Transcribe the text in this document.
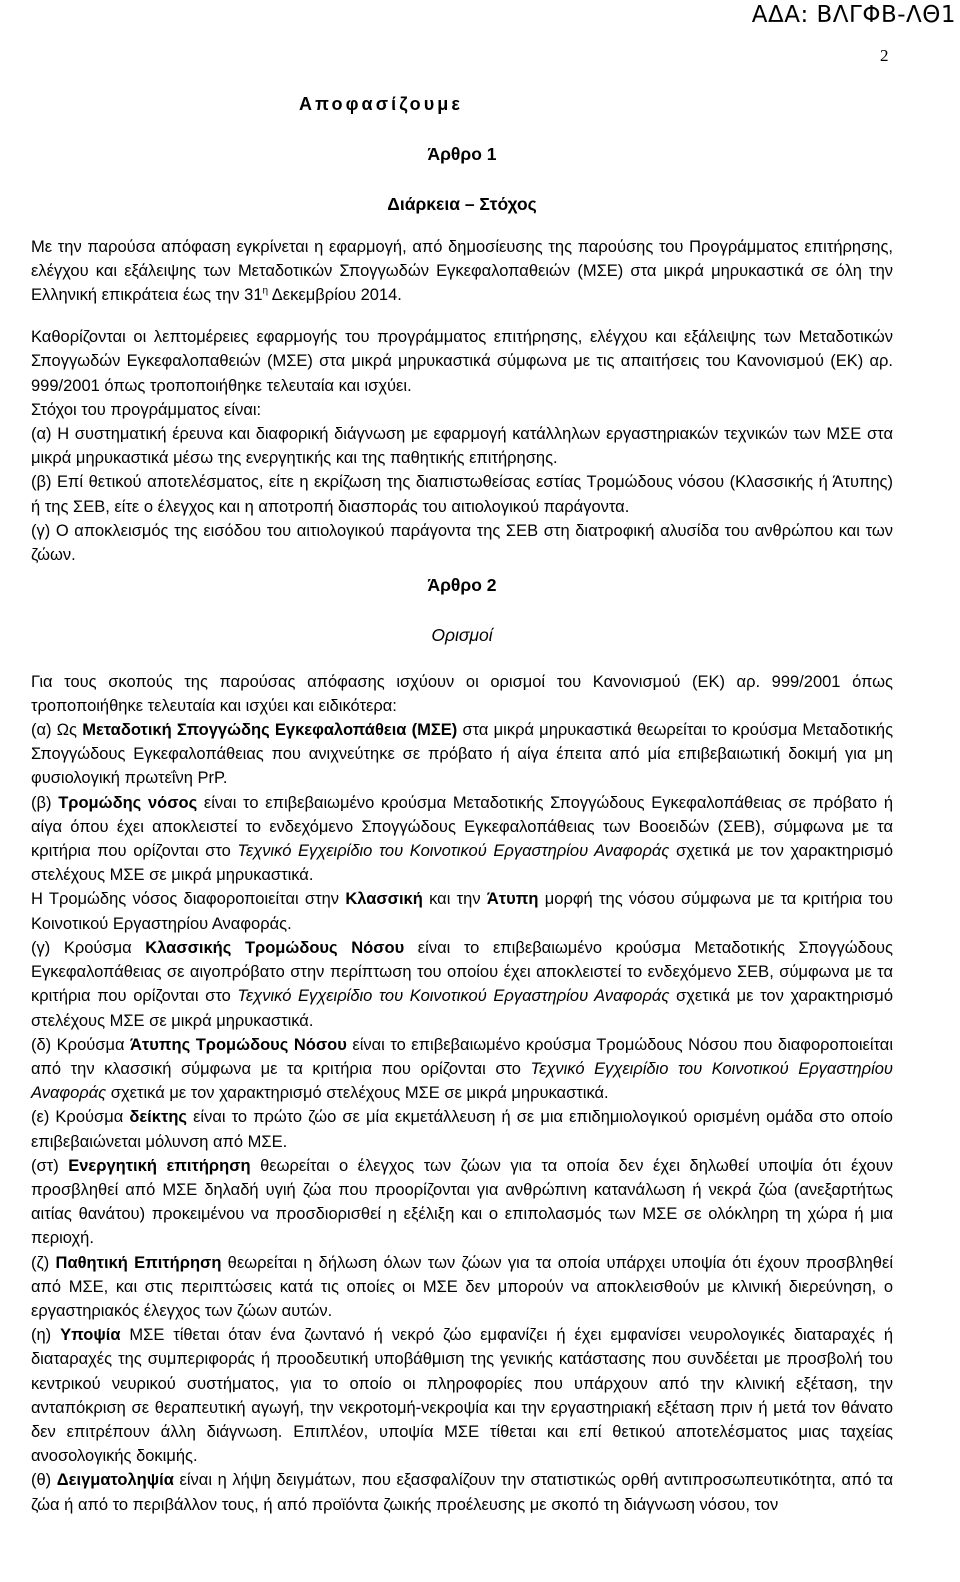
ΑΔΑ: ΒΛΓΦΒ-ΛΘ1
2

Αποφασίζουμε

Άρθρο 1

Διάρκεια – Στόχος

Με την παρούσα απόφαση εγκρίνεται η εφαρμογή, από δημοσίευσης της παρούσης του Προγράμματος επιτήρησης, ελέγχου και εξάλειψης των Μεταδοτικών Σπογγωδών Εγκεφαλοπαθειών (ΜΣΕ) στα μικρά μηρυκαστικά σε όλη την Ελληνική επικράτεια έως την $31^\eta$ Δεκεμβρίου 2014.

Καθορίζονται οι λεπτομέρειες εφαρμογής του προγράμματος επιτήρησης, ελέγχου και εξάλειψης των Μεταδοτικών Σπογγωδών Εγκεφαλοπαθειών (ΜΣΕ) στα μικρά μηρυκαστικά σύμφωνα με τις απαιτήσεις του Κανονισμού (ΕΚ) αρ. 999/2001 όπως τροποποιήθηκε τελευταία και ισχύει.

Στόχοι του προγράμματος είναι:

(α) Η συστηματική έρευνα και διαφορική διάγνωση με εφαρμογή κατάλληλων εργαστηριακών τεχνικών των ΜΣΕ στα μικρά μηρυκαστικά μέσω της ενεργητικής και της παθητικής επιτήρησης.

(β) Επί θετικού αποτελέσματος, είτε η εκρίζωση της διαπιστωθείσας εστίας Τρομώδους νόσου (Κλασσικής ή Άτυπης) ή της ΣΕΒ, είτε ο έλεγχος και η αποτροπή διασποράς του αιτιολογικού παράγοντα.

(γ) Ο αποκλεισμός της εισόδου του αιτιολογικού παράγοντα της ΣΕΒ στη διατροφική αλυσίδα του ανθρώπου και των ζώων.

Άρθρο 2

Ορισμοί

Για τους σκοπούς της παρούσας απόφασης ισχύουν οι ορισμοί του Κανονισμού (ΕΚ) αρ. 999/2001 όπως τροποποιήθηκε τελευταία και ισχύει και ειδικότερα:

(α) Ως Μεταδοτική Σπογγώδης Εγκεφαλοπάθεια (ΜΣΕ) στα μικρά μηρυκαστικά θεωρείται το κρούσμα Μεταδοτικής Σπογγώδους Εγκεφαλοπάθειας που ανιχνεύτηκε σε πρόβατο ή αίγα έπειτα από μία επιβεβαιωτική δοκιμή για μη φυσιολογική πρωτεΐνη PrP.

(β) Τρομώδης νόσος είναι το επιβεβαιωμένο κρούσμα Μεταδοτικής Σπογγώδους Εγκεφαλοπάθειας σε πρόβατο ή αίγα όπου έχει αποκλειστεί το ενδεχόμενο Σπογγώδους Εγκεφαλοπάθειας των Βοοειδών (ΣΕΒ), σύμφωνα με τα κριτήρια που ορίζονται στο Τεχνικό Εγχειρίδιο του Κοινοτικού Εργαστηρίου Αναφοράς σχετικά με τον χαρακτηρισμό στελέχους ΜΣΕ σε μικρά μηρυκαστικά.

Η Τρομώδης νόσος διαφοροποιείται στην Κλασσική και την Άτυπη μορφή της νόσου σύμφωνα με τα κριτήρια του Κοινοτικού Εργαστηρίου Αναφοράς.

(γ) Κρούσμα Κλασσικής Τρομώδους Νόσου είναι το επιβεβαιωμένο κρούσμα Μεταδοτικής Σπογγώδους Εγκεφαλοπάθειας σε αιγοπρόβατο στην περίπτωση του οποίου έχει αποκλειστεί το ενδεχόμενο ΣΕΒ, σύμφωνα με τα κριτήρια που ορίζονται στο Τεχνικό Εγχειρίδιο του Κοινοτικού Εργαστηρίου Αναφοράς σχετικά με τον χαρακτηρισμό στελέχους ΜΣΕ σε μικρά μηρυκαστικά.

(δ) Κρούσμα Άτυπης Τρομώδους Νόσου είναι το επιβεβαιωμένο κρούσμα Τρομώδους Νόσου που διαφοροποιείται από την κλασσική σύμφωνα με τα κριτήρια που ορίζονται στο Τεχνικό Εγχειρίδιο του Κοινοτικού Εργαστηρίου Αναφοράς σχετικά με τον χαρακτηρισμό στελέχους ΜΣΕ σε μικρά μηρυκαστικά.

(ε) Κρούσμα δείκτης είναι το πρώτο ζώο σε μία εκμετάλλευση ή σε μια επιδημιολογικού ορισμένη ομάδα στο οποίο επιβεβαιώνεται μόλυνση από ΜΣΕ.

(στ) Ενεργητική επιτήρηση θεωρείται ο έλεγχος των ζώων για τα οποία δεν έχει δηλωθεί υποψία ότι έχουν προσβληθεί από ΜΣΕ δηλαδή υγιή ζώα που προορίζονται για ανθρώπινη κατανάλωση ή νεκρά ζώα (ανεξαρτήτως αιτίας θανάτου) προκειμένου να προσδιορισθεί η εξέλιξη και ο επιπολασμός των ΜΣΕ σε ολόκληρη τη χώρα ή μια περιοχή.

(ζ) Παθητική Επιτήρηση θεωρείται η δήλωση όλων των ζώων για τα οποία υπάρχει υποψία ότι έχουν προσβληθεί από ΜΣΕ, και στις περιπτώσεις κατά τις οποίες οι ΜΣΕ δεν μπορούν να αποκλεισθούν με κλινική διερεύνηση, ο εργαστηριακός έλεγχος των ζώων αυτών.

(η) Υποψία ΜΣΕ τίθεται όταν ένα ζωντανό ή νεκρό ζώο εμφανίζει ή έχει εμφανίσει νευρολογικές διαταραχές ή διαταραχές της συμπεριφοράς ή προοδευτική υποβάθμιση της γενικής κατάστασης που συνδέεται με προσβολή του κεντρικού νευρικού συστήματος, για το οποίο οι πληροφορίες που υπάρχουν από την κλινική εξέταση, την ανταπόκριση σε θεραπευτική αγωγή, την νεκροτομή-νεκροψία και την εργαστηριακή εξέταση πριν ή μετά τον θάνατο δεν επιτρέπουν άλλη διάγνωση. Επιπλέον, υποψία ΜΣΕ τίθεται και επί θετικού αποτελέσματος μιας ταχείας ανοσολογικής δοκιμής.

(θ) Δειγματοληψία είναι η λήψη δειγμάτων, που εξασφαλίζουν την στατιστικώς ορθή αντιπροσωπευτικότητα, από τα ζώα ή από το περιβάλλον τους, ή από προϊόντα ζωικής προέλευσης με σκοπό τη διάγνωση νόσου, τον
